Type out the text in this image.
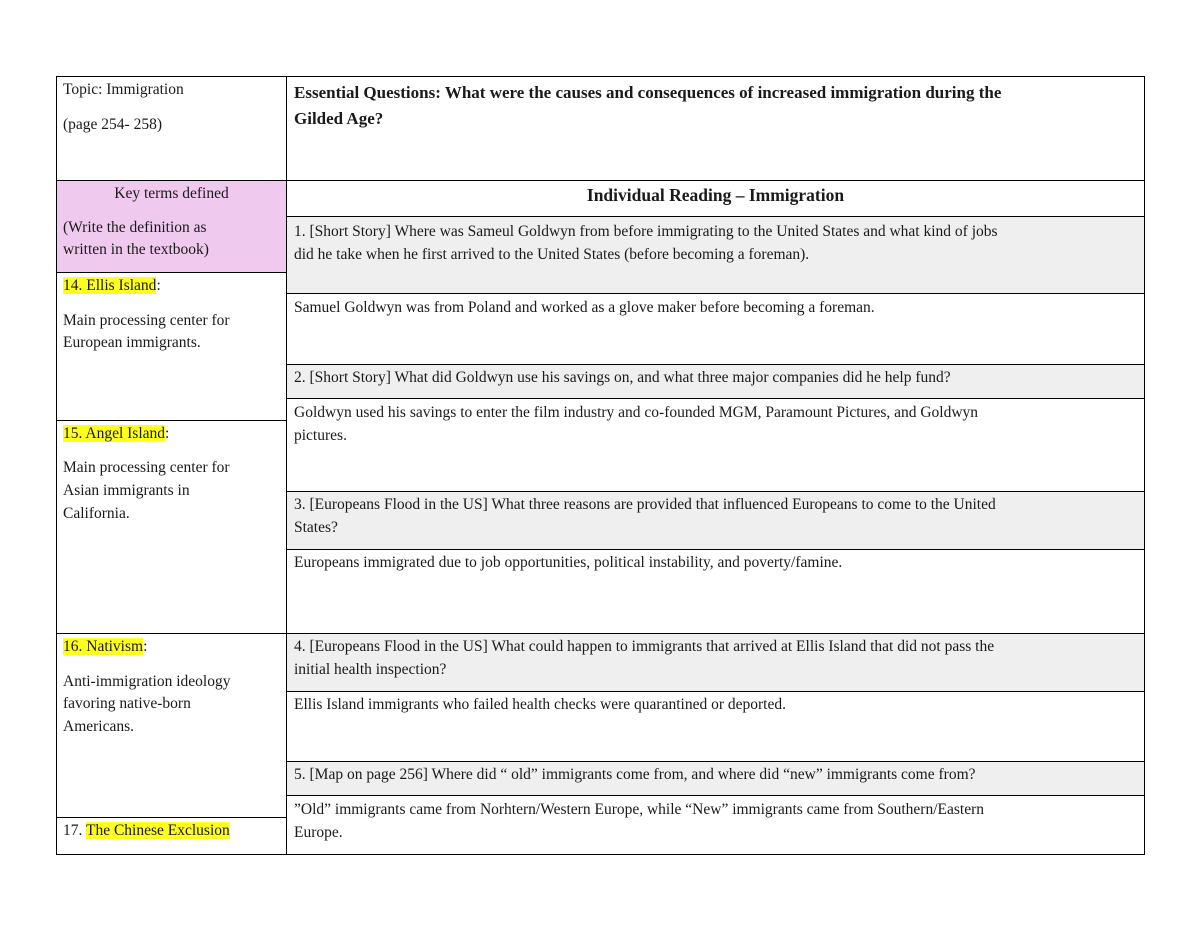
Topic: Immigration
(page 254- 258)
Essential Questions: What were the causes and consequences of increased immigration during the
Gilded Age?
Key terms defined
(Write the definition as
written in the textbook)
Individual Reading – Immigration
14. Ellis Island:
Main processing center for
European immigrants.
15. Angel Island:
Main processing center for
Asian immigrants in
California.
16. Nativism:
Anti-immigration ideology
favoring native-born
Americans.
17. The Chinese Exclusion
1. [Short Story] Where was Sameul Goldwyn from before immigrating to the United States and what kind of jobs
did he take when he first arrived to the United States (before becoming a foreman).
Samuel Goldwyn was from Poland and worked as a glove maker before becoming a foreman.
2. [Short Story] What did Goldwyn use his savings on, and what three major companies did he help fund?
Goldwyn used his savings to enter the film industry and co-founded MGM, Paramount Pictures, and Goldwyn
pictures.
3. [Europeans Flood in the US] What three reasons are provided that influenced Europeans to come to the United
States?
Europeans immigrated due to job opportunities, political instability, and poverty/famine.
4. [Europeans Flood in the US] What could happen to immigrants that arrived at Ellis Island that did not pass the
initial health inspection?
Ellis Island immigrants who failed health checks were quarantined or deported.
5. [Map on page 256] Where did “ old” immigrants come from, and where did “new” immigrants come from?
”Old” immigrants came from Norhtern/Western Europe, while “New” immigrants came from Southern/Eastern
Europe.
